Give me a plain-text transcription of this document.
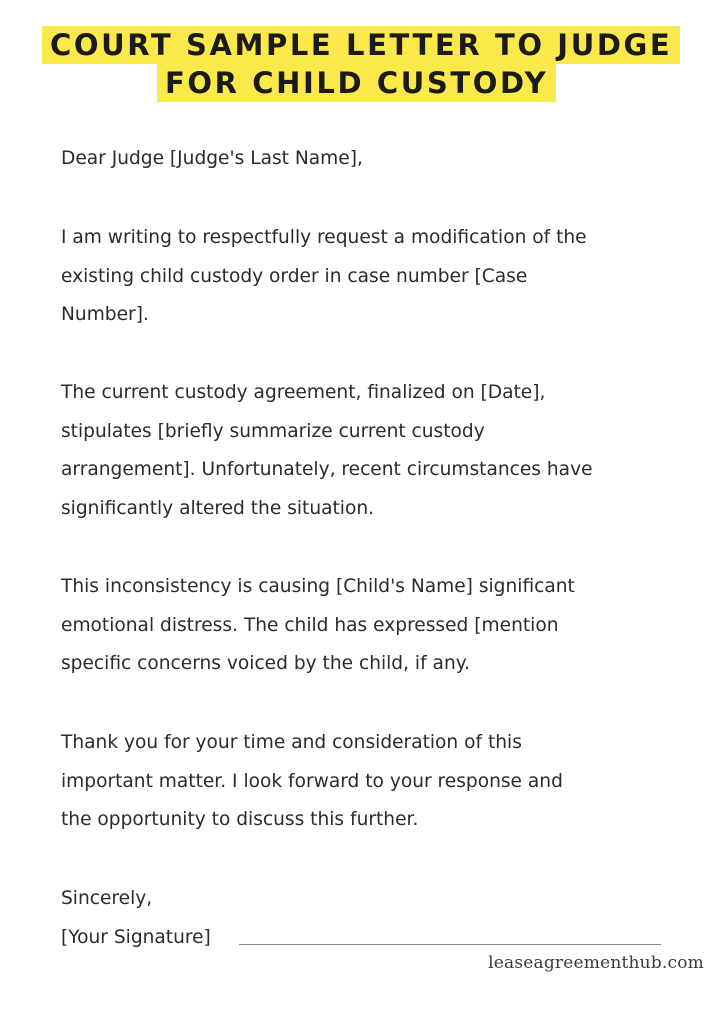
COURT SAMPLE LETTER TO JUDGE
FOR CHILD CUSTODY

Dear Judge [Judge's Last Name],

I am writing to respectfully request a modification of the
existing child custody order in case number [Case
Number].

The current custody agreement, finalized on [Date],
stipulates [briefly summarize current custody
arrangement]. Unfortunately, recent circumstances have
significantly altered the situation.

This inconsistency is causing [Child's Name] significant
emotional distress. The child has expressed [mention
specific concerns voiced by the child, if any.

Thank you for your time and consideration of this
important matter. I look forward to your response and
the opportunity to discuss this further.

Sincerely,

[Your Signature]
leaseagreementhub.com
